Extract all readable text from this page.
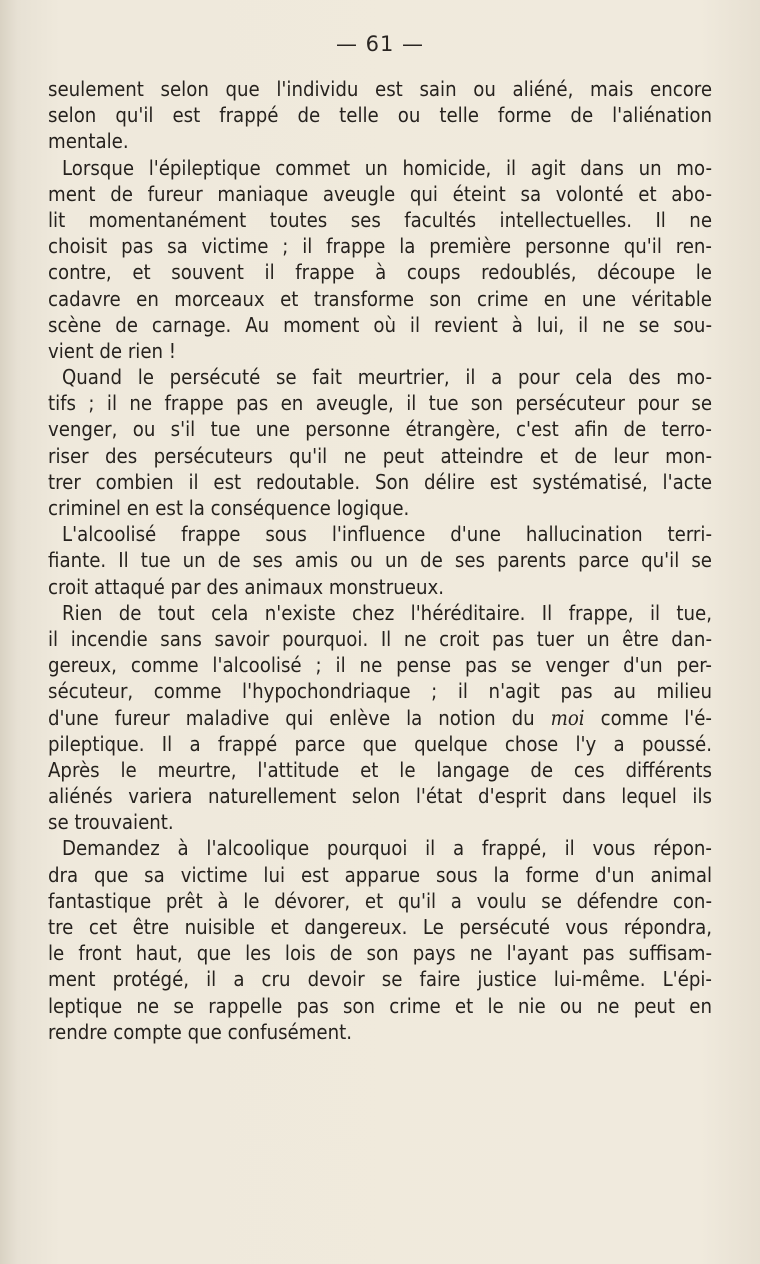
— 61 —
seulement selon que l'individu est sain ou aliéné, mais encore
selon qu'il est frappé de telle ou telle forme de l'aliénation
mentale.
Lorsque l'épileptique commet un homicide, il agit dans un mo-
ment de fureur maniaque aveugle qui éteint sa volonté et abo-
lit momentanément toutes ses facultés intellectuelles. Il ne
choisit pas sa victime ; il frappe la première personne qu'il ren-
contre, et souvent il frappe à coups redoublés, découpe le
cadavre en morceaux et transforme son crime en une véritable
scène de carnage. Au moment où il revient à lui, il ne se sou-
vient de rien !
Quand le persécuté se fait meurtrier, il a pour cela des mo-
tifs ; il ne frappe pas en aveugle, il tue son persécuteur pour se
venger, ou s'il tue une personne étrangère, c'est afin de terro-
riser des persécuteurs qu'il ne peut atteindre et de leur mon-
trer combien il est redoutable. Son délire est systématisé, l'acte
criminel en est la conséquence logique.
L'alcoolisé frappe sous l'influence d'une hallucination terri-
fiante. Il tue un de ses amis ou un de ses parents parce qu'il se
croit attaqué par des animaux monstrueux.
Rien de tout cela n'existe chez l'héréditaire. Il frappe, il tue,
il incendie sans savoir pourquoi. Il ne croit pas tuer un être dan-
gereux, comme l'alcoolisé ; il ne pense pas se venger d'un per-
sécuteur, comme l'hypochondriaque ; il n'agit pas au milieu
d'une fureur maladive qui enlève la notion du moi comme l'é-
pileptique. Il a frappé parce que quelque chose l'y a poussé.
Après le meurtre, l'attitude et le langage de ces différents
aliénés variera naturellement selon l'état d'esprit dans lequel ils
se trouvaient.
Demandez à l'alcoolique pourquoi il a frappé, il vous répon-
dra que sa victime lui est apparue sous la forme d'un animal
fantastique prêt à le dévorer, et qu'il a voulu se défendre con-
tre cet être nuisible et dangereux. Le persécuté vous répondra,
le front haut, que les lois de son pays ne l'ayant pas suffisam-
ment protégé, il a cru devoir se faire justice lui-même. L'épi-
leptique ne se rappelle pas son crime et le nie ou ne peut en
rendre compte que confusément.
